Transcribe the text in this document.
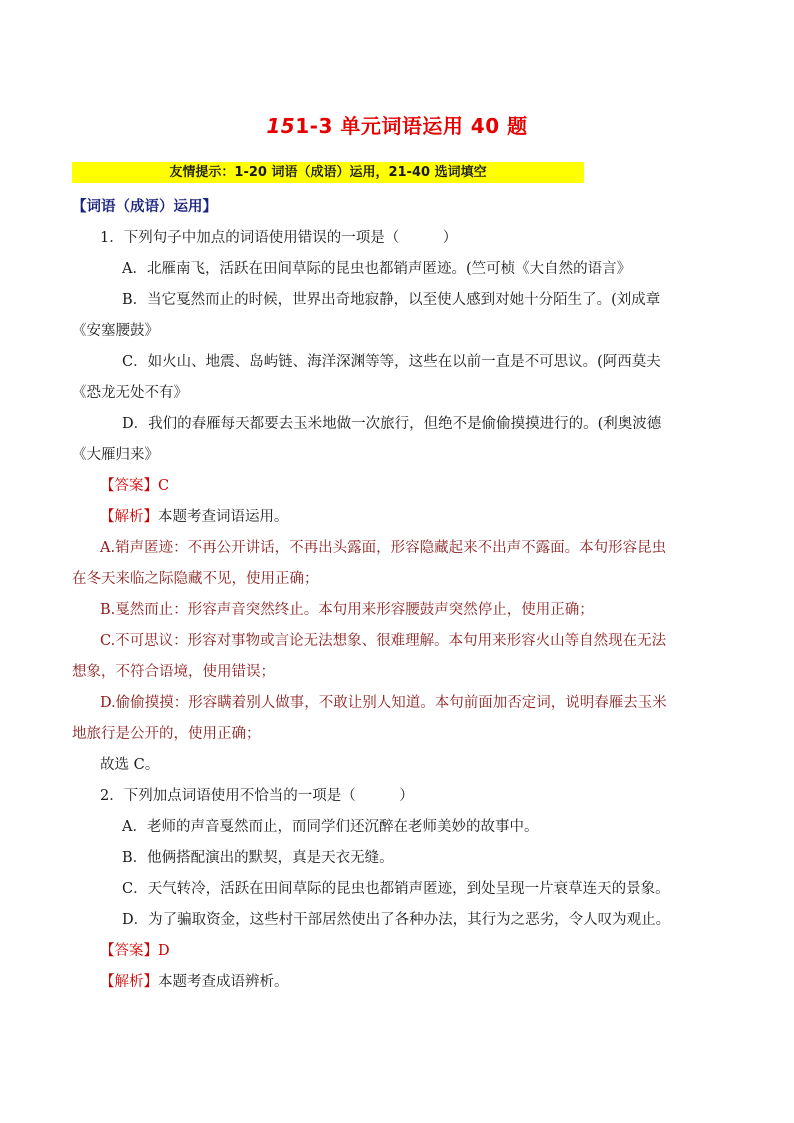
151-3 单元词语运用 40 题
友情提示：1-20 词语（成语）运用，21-40 选词填空
【词语（成语）运用】

1．下列句子中加点的词语使用错误的一项是（　　　）

A．北雁南飞，活跃在田间草际的昆虫也都销声匿迹。(竺可桢《大自然的语言》

B．当它戛然而止的时候，世界出奇地寂静，以至使人感到对她十分陌生了。(刘成章

《安塞腰鼓》

C．如火山、地震、岛屿链、海洋深渊等等，这些在以前一直是不可思议。(阿西莫夫

《恐龙无处不有》

D．我们的春雁每天都要去玉米地做一次旅行，但绝不是偷偷摸摸进行的。(利奥波德

《大雁归来》

【答案】C

【解析】本题考查词语运用。

A.销声匿迹：不再公开讲话，不再出头露面，形容隐藏起来不出声不露面。本句形容昆虫

在冬天来临之际隐藏不见，使用正确；

B.戛然而止：形容声音突然终止。本句用来形容腰鼓声突然停止，使用正确；

C.不可思议：形容对事物或言论无法想象、很难理解。本句用来形容火山等自然现在无法

想象，不符合语境，使用错误；

D.偷偷摸摸：形容瞒着别人做事，不敢让别人知道。本句前面加否定词，说明春雁去玉米

地旅行是公开的，使用正确；

故选 C。

2．下列加点词语使用不恰当的一项是（　　　）

A．老师的声音戛然而止，而同学们还沉醉在老师美妙的故事中。

B．他俩搭配演出的默契，真是天衣无缝。

C．天气转冷，活跃在田间草际的昆虫也都销声匿迹，到处呈现一片衰草连天的景象。

D．为了骗取资金，这些村干部居然使出了各种办法，其行为之恶劣，令人叹为观止。

【答案】D

【解析】本题考查成语辨析。
